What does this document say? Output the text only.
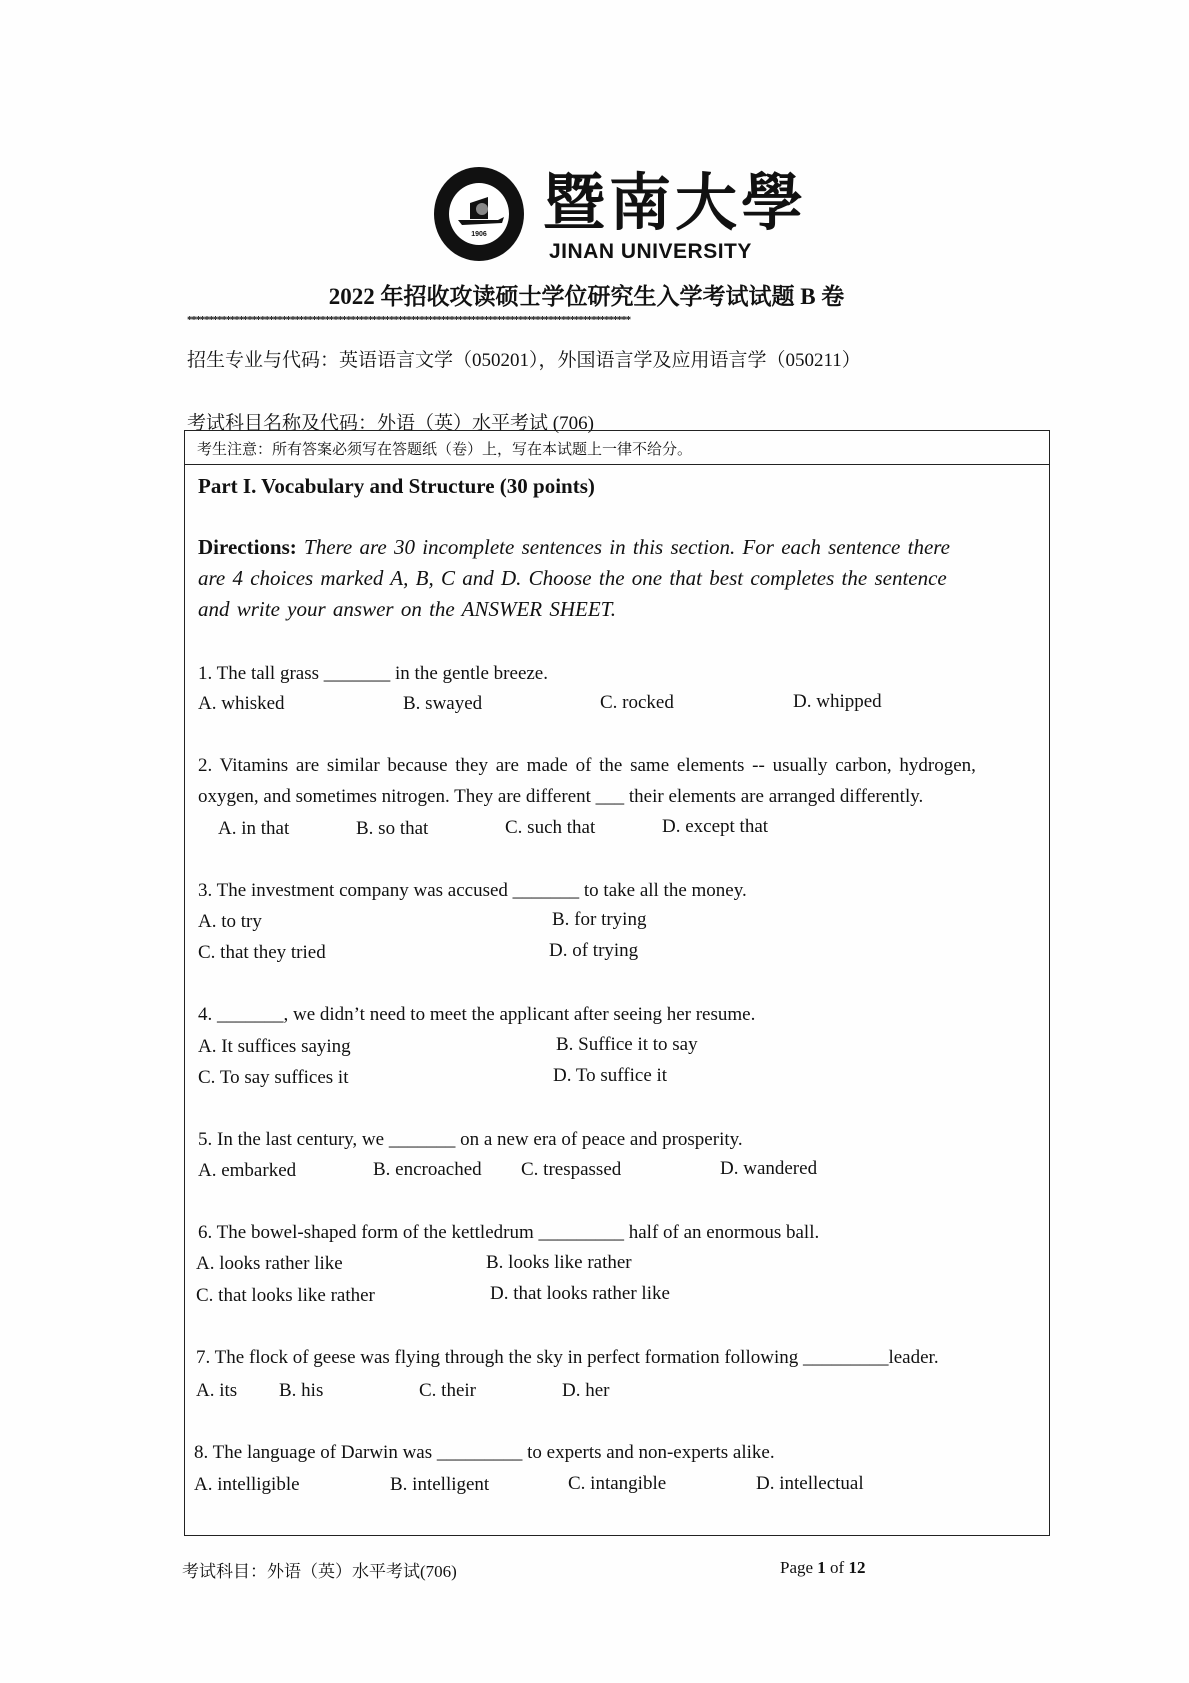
1906 暨南大學
JINAN UNIVERSITY
2022 年招收攻读硕士学位研究生入学考试试题 B 卷
*******************************************************************************************************
招生专业与代码：英语语言文学（050201），外国语言学及应用语言学（050211）
考试科目名称及代码：外语（英）水平考试 (706)
考生注意：所有答案必须写在答题纸（卷）上，写在本试题上一律不给分。
Part I. Vocabulary and Structure (30 points)
Directions: There are 30 incomplete sentences in this section. For each sentence there
are 4 choices marked A, B, C and D. Choose the one that best completes the sentence
and write your answer on the ANSWER SHEET.
1. The tall grass _______ in the gentle breeze.
A. whisked	B. swayed	C. rocked	D. whipped
2. Vitamins are similar because they are made of the same elements -- usually carbon, hydrogen,
oxygen, and sometimes nitrogen. They are different ___ their elements are arranged differently.
A. in that	B. so that	C. such that	D. except that
3. The investment company was accused _______ to take all the money.
A. to try	B. for trying
C. that they tried	D. of trying
4. _______, we didn’t need to meet the applicant after seeing her resume.
A. It suffices saying	B. Suffice it to say
C. To say suffices it	D. To suffice it
5. In the last century, we _______ on a new era of peace and prosperity.
A. embarked	B. encroached C. trespassed	D. wandered
6. The bowel-shaped form of the kettledrum _________ half of an enormous ball.
A. looks rather like	B. looks like rather
C. that looks like rather	D. that looks rather like
7. The flock of geese was flying through the sky in perfect formation following _________leader.
A. its B. his	C. their	D. her
8. The language of Darwin was _________ to experts and non-experts alike.
A. intelligible	B. intelligent	C. intangible	D. intellectual
考试科目：外语（英）水平考试(706)	Page 1 of 12
